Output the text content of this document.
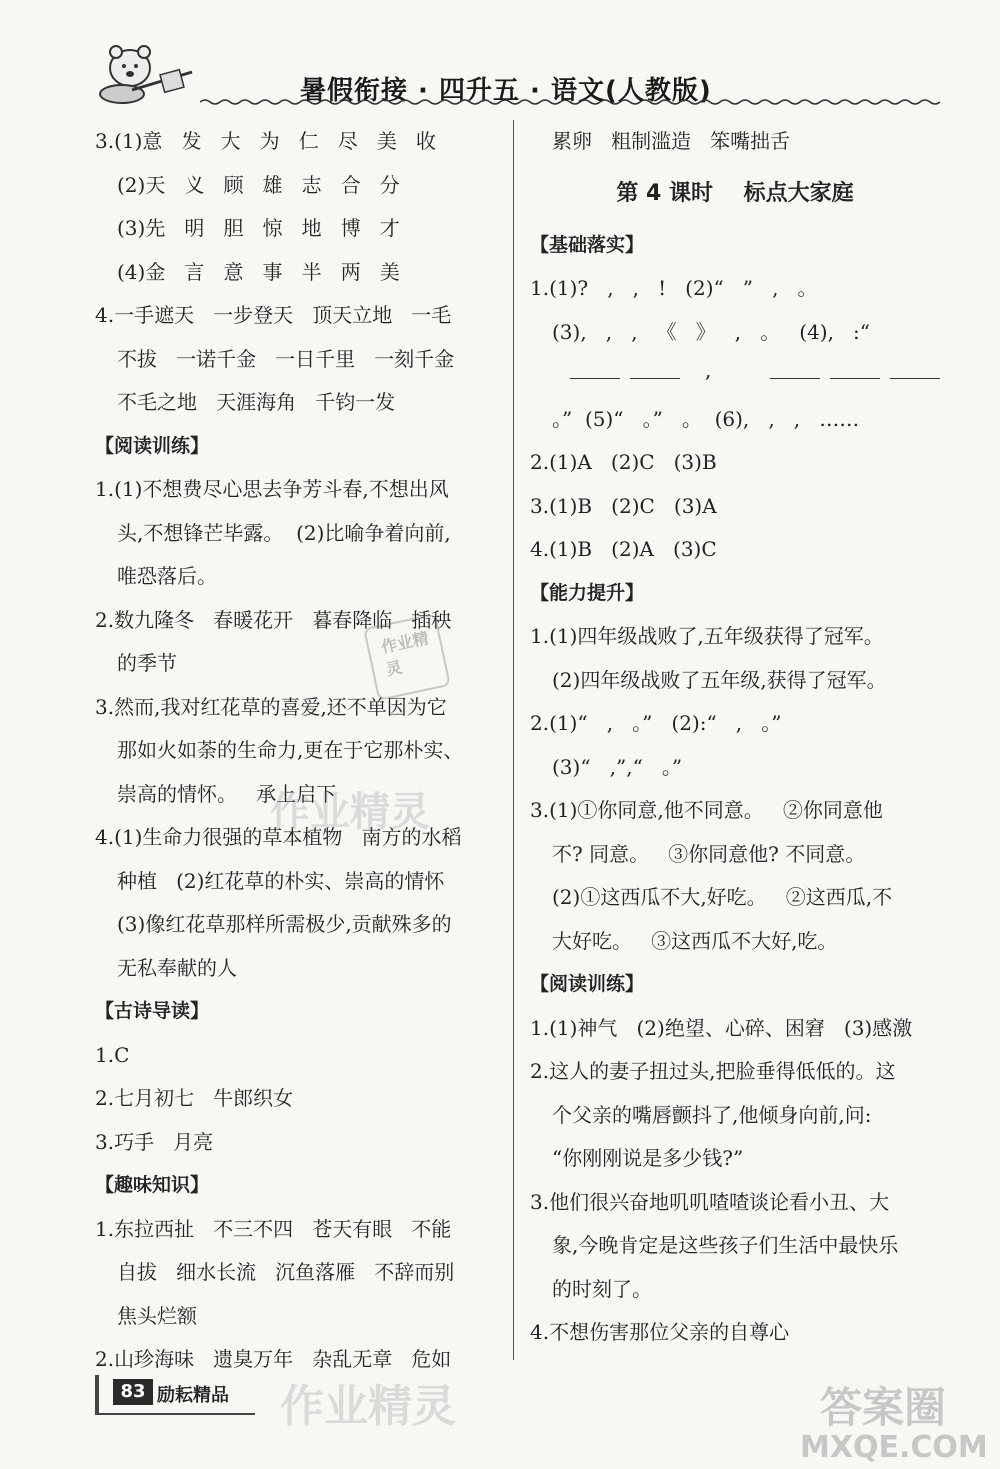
暑假衔接 · 四升五 · 语文(人教版)
3.(1)意   发   大   为   仁   尽   美   收
(2)天   义   顾   雄   志   合   分
(3)先   明   胆   惊   地   博   才
(4)金   言   意   事   半   两   美
4.一手遮天   一步登天   顶天立地   一毛
不拔   一诺千金   一日千里   一刻千金
不毛之地   天涯海角   千钧一发
【阅读训练】
1.(1)不想费尽心思去争芳斗春,不想出风
头,不想锋芒毕露。  (2)比喻争着向前,
唯恐落后。
2.数九隆冬   春暖花开   暮春降临   插秧
的季节
3.然而,我对红花草的喜爱,还不单因为它
那如火如荼的生命力,更在于它那朴实、
崇高的情怀。   承上启下
4.(1)生命力很强的草本植物   南方的水稻
种植   (2)红花草的朴实、崇高的情怀
(3)像红花草那样所需极少,贡献殊多的
无私奉献的人
【古诗导读】
1.C
2.七月初七   牛郎织女
3.巧手   月亮
【趣味知识】
1.东拉西扯   不三不四   苍天有眼   不能
自拔   细水长流   沉鱼落雁   不辞而别
焦头烂额
2.山珍海味   遗臭万年   杂乱无章   危如
累卵   粗制滥造   笨嘴拙舌
第 4 课时    标点大家庭
【基础落实】
1.(1)?   ,   ,   !   (2)“   ”   ,   。
(3),   ,   ,   《   》   ,   。   (4),   :“
,
。”  (5)“   。”   。  (6),   ,   ,   ……
2.(1)A   (2)C   (3)B
3.(1)B   (2)C   (3)A
4.(1)B   (2)A   (3)C
【能力提升】
1.(1)四年级战败了,五年级获得了冠军。
(2)四年级战败了五年级,获得了冠军。
2.(1)“   ,   。”   (2):“   ,   。”
(3)“   ,”,“   。”
3.(1)①你同意,他不同意。   ②你同意他
不? 同意。   ③你同意他? 不同意。
(2)①这西瓜不大,好吃。   ②这西瓜,不
大好吃。   ③这西瓜不大好,吃。
【阅读训练】
1.(1)神气   (2)绝望、心碎、困窘   (3)感激
2.这人的妻子扭过头,把脸垂得低低的。这
个父亲的嘴唇颤抖了,他倾身向前,问:
“你刚刚说是多少钱?”
3.他们很兴奋地叽叽喳喳谈论看小丑、大
象,今晚肯定是这些孩子们生活中最快乐
的时刻了。
4.不想伤害那位父亲的自尊心
作业精灵
作业精灵
作业精灵	答案圈
MXQE.COM
83 励耘精品
